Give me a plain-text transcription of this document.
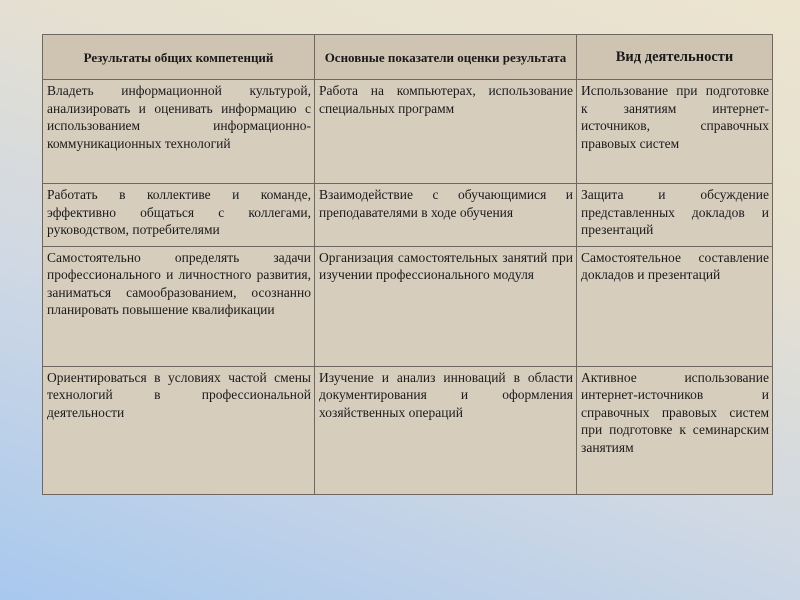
Результаты общих компетенций	Основные показатели оценки результата	Вид деятельности
Владеть информационной культурой, анализировать и оценивать информацию с использованием информационно-коммуникационных технологий	Работа на компьютерах, использование специальных программ	Использование при подготовке к занятиям интернет-источников, справочных правовых систем
Работать в коллективе и команде, эффективно общаться с коллегами, руководством, потребителями	Взаимодействие с обучающимися и преподавателями в ходе обучения	Защита и обсуждение представленных докладов и презентаций
Самостоятельно определять задачи профессионального и личностного развития, заниматься самообразованием, осознанно планировать повышение квалификации	Организация самостоятельных занятий при изучении профессионального модуля	Самостоятельное составление докладов и презентаций
Ориентироваться в условиях частой смены технологий в профессиональной деятельности	Изучение и анализ инноваций в области документирования и оформления хозяйственных операций	Активное использование интернет-источников и справочных правовых систем при подготовке к семинарским занятиям
